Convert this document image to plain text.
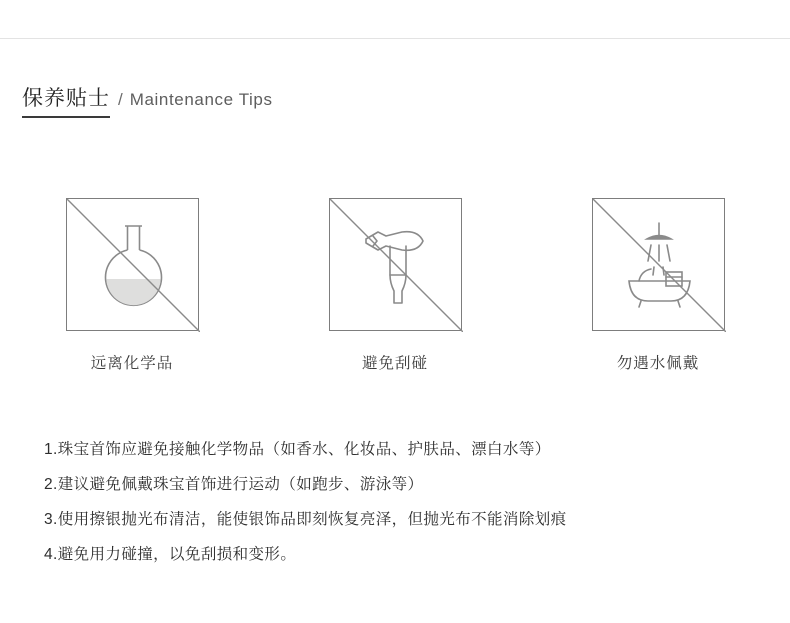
保养贴士 / Maintenance Tips
远离化学品	避免刮碰	勿遇水佩戴
1.珠宝首饰应避免接触化学物品（如香水、化妆品、护肤品、漂白水等）
2.建议避免佩戴珠宝首饰进行运动（如跑步、游泳等）
3.使用擦银抛光布清洁，能使银饰品即刻恢复亮泽，但抛光布不能消除划痕
4.避免用力碰撞，以免刮损和变形。
